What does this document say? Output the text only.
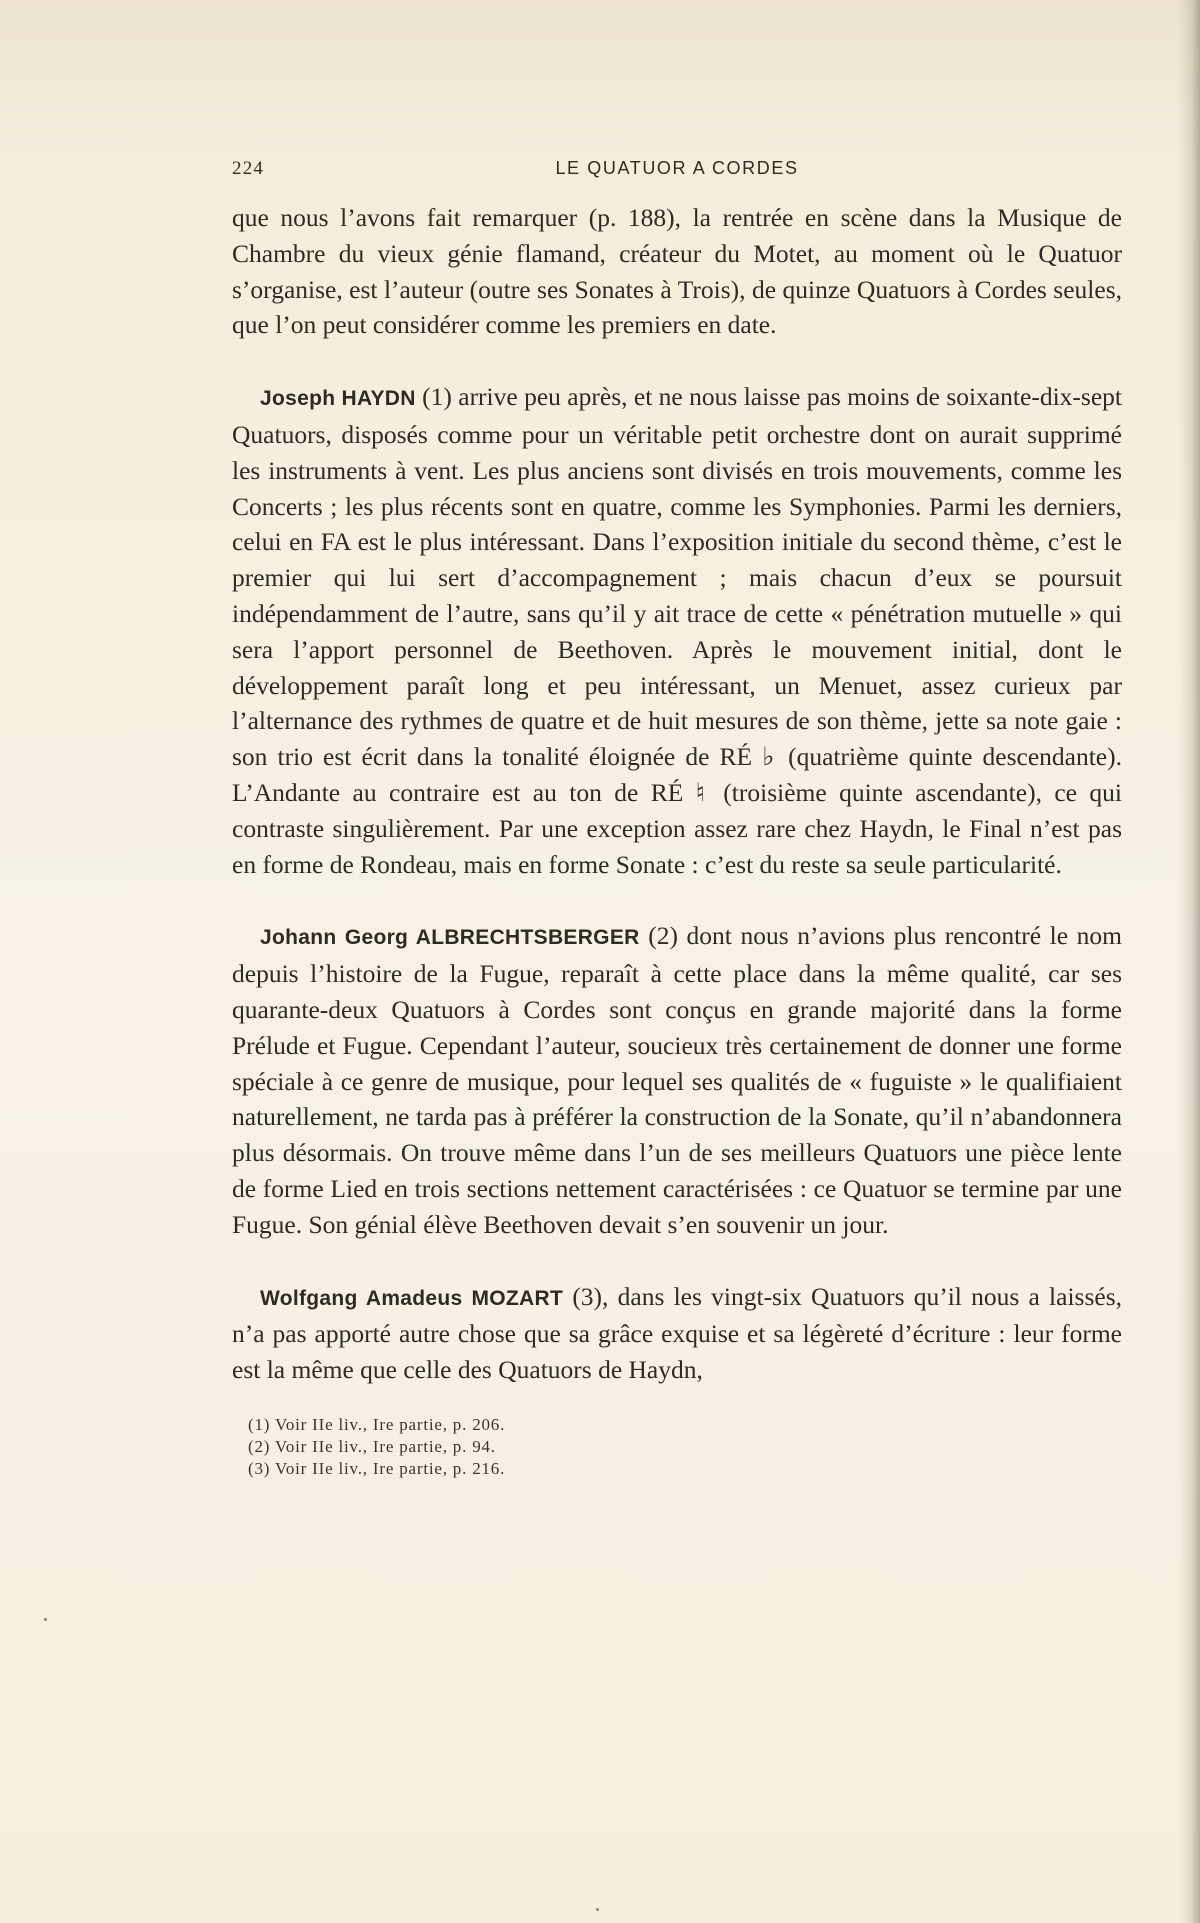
224	LE QUATUOR A CORDES

que nous l’avons fait remarquer (p. 188), la rentrée en scène dans la Musique de Chambre du vieux génie flamand, créateur du Motet, au moment où le Quatuor s’organise, est l’auteur (outre ses Sonates à Trois), de quinze Quatuors à Cordes seules, que l’on peut considérer comme les premiers en date.

Joseph HAYDN (1) arrive peu après, et ne nous laisse pas moins de soixante-dix-sept Quatuors, disposés comme pour un véritable petit orchestre dont on aurait supprimé les instruments à vent. Les plus anciens sont divisés en trois mouvements, comme les Concerts ; les plus récents sont en quatre, comme les Symphonies. Parmi les derniers, celui en FA est le plus intéressant. Dans l’exposition initiale du second thème, c’est le premier qui lui sert d’accompagnement ; mais chacun d’eux se poursuit indépendamment de l’autre, sans qu’il y ait trace de cette « pénétration mutuelle » qui sera l’apport personnel de Beethoven. Après le mouvement initial, dont le développement paraît long et peu intéressant, un Menuet, assez curieux par l’alternance des rythmes de quatre et de huit mesures de son thème, jette sa note gaie : son trio est écrit dans la tonalité éloignée de RÉ ♭ (quatrième quinte descendante). L’Andante au contraire est au ton de RÉ ♮ (troisième quinte ascendante), ce qui contraste singulièrement. Par une exception assez rare chez Haydn, le Final n’est pas en forme de Rondeau, mais en forme Sonate : c’est du reste sa seule particularité.

Johann Georg ALBRECHTSBERGER (2) dont nous n’avions plus rencontré le nom depuis l’histoire de la Fugue, reparaît à cette place dans la même qualité, car ses quarante-deux Quatuors à Cordes sont conçus en grande majorité dans la forme Prélude et Fugue. Cependant l’auteur, soucieux très certainement de donner une forme spéciale à ce genre de musique, pour lequel ses qualités de « fuguiste » le qualifiaient naturellement, ne tarda pas à préférer la construction de la Sonate, qu’il n’abandonnera plus désormais. On trouve même dans l’un de ses meilleurs Quatuors une pièce lente de forme Lied en trois sections nettement caractérisées : ce Quatuor se termine par une Fugue. Son génial élève Beethoven devait s’en souvenir un jour.

Wolfgang Amadeus MOZART (3), dans les vingt-six Quatuors qu’il nous a laissés, n’a pas apporté autre chose que sa grâce exquise et sa légèreté d’écriture : leur forme est la même que celle des Quatuors de Haydn,

(1) Voir IIe liv., Ire partie, p. 206.
(2) Voir IIe liv., Ire partie, p. 94.
(3) Voir IIe liv., Ire partie, p. 216.
